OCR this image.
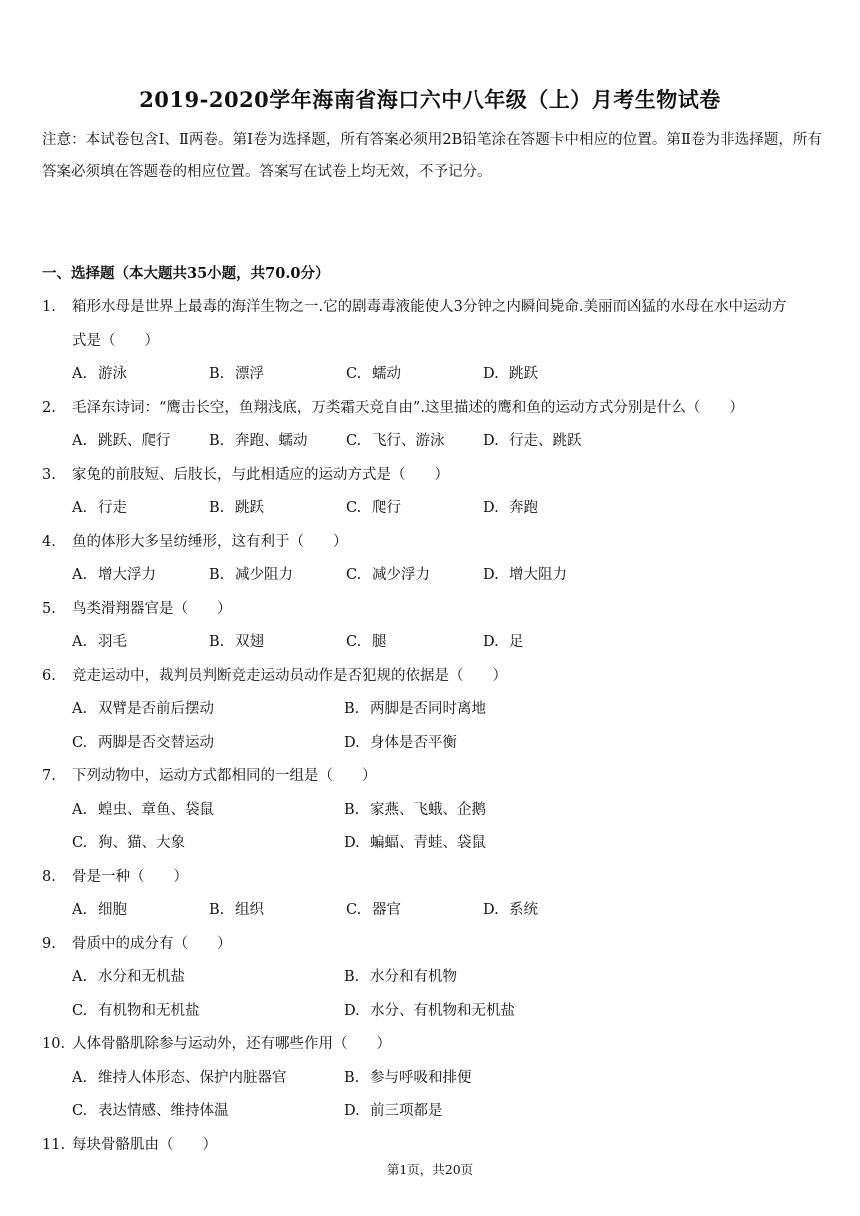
2019-2020学年海南省海口六中八年级（上）月考生物试卷
注意：本试卷包含Ⅰ、Ⅱ两卷。第Ⅰ卷为选择题，所有答案必须用2B铅笔涂在答题卡中相应的位置。第Ⅱ卷为非选择题，所有答案必须填在答题卷的相应位置。答案写在试卷上均无效，不予记分。
一、选择题（本大题共35小题，共70.0分）
1.	箱形水母是世界上最毒的海洋生物之一.它的剧毒毒液能使人3分钟之内瞬间毙命.美丽而凶猛的水母在水中运动方
式是（　　）
A. 游泳	B. 漂浮	C. 蠕动	D. 跳跃
2.	毛泽东诗词：“鹰击长空，鱼翔浅底，万类霜天竞自由”.这里描述的鹰和鱼的运动方式分别是什么（　　）
A. 跳跃、爬行	B. 奔跑、蠕动	C. 飞行、游泳	D. 行走、跳跃
3.	家兔的前肢短、后肢长，与此相适应的运动方式是（　　）
A. 行走	B. 跳跃	C. 爬行	D. 奔跑
4.	鱼的体形大多呈纺缍形，这有利于（　　）
A. 增大浮力	B. 减少阻力	C. 减少浮力	D. 增大阻力
5.	鸟类滑翔器官是（　　）
A. 羽毛	B. 双翅	C. 腿	D. 足
6.	竞走运动中，裁判员判断竞走运动员动作是否犯规的依据是（　　）
A. 双臂是否前后摆动	B. 两脚是否同时离地
C. 两脚是否交替运动	D. 身体是否平衡
7.	下列动物中，运动方式都相同的一组是（　　）
A. 蝗虫、章鱼、袋鼠	B. 家燕、飞蛾、企鹅
C. 狗、猫、大象	D. 蝙蝠、青蛙、袋鼠
8.	骨是一种（　　）
A. 细胞	B. 组织	C. 器官	D. 系统
9.	骨质中的成分有（　　）
A. 水分和无机盐	B. 水分和有机物
C. 有机物和无机盐	D. 水分、有机物和无机盐
10. 人体骨骼肌除参与运动外，还有哪些作用（　　）
A. 维持人体形态、保护内脏器官	B. 参与呼吸和排便
C. 表达情感、维持体温	D. 前三项都是
11. 每块骨骼肌由（　　）
第1页，共20页
